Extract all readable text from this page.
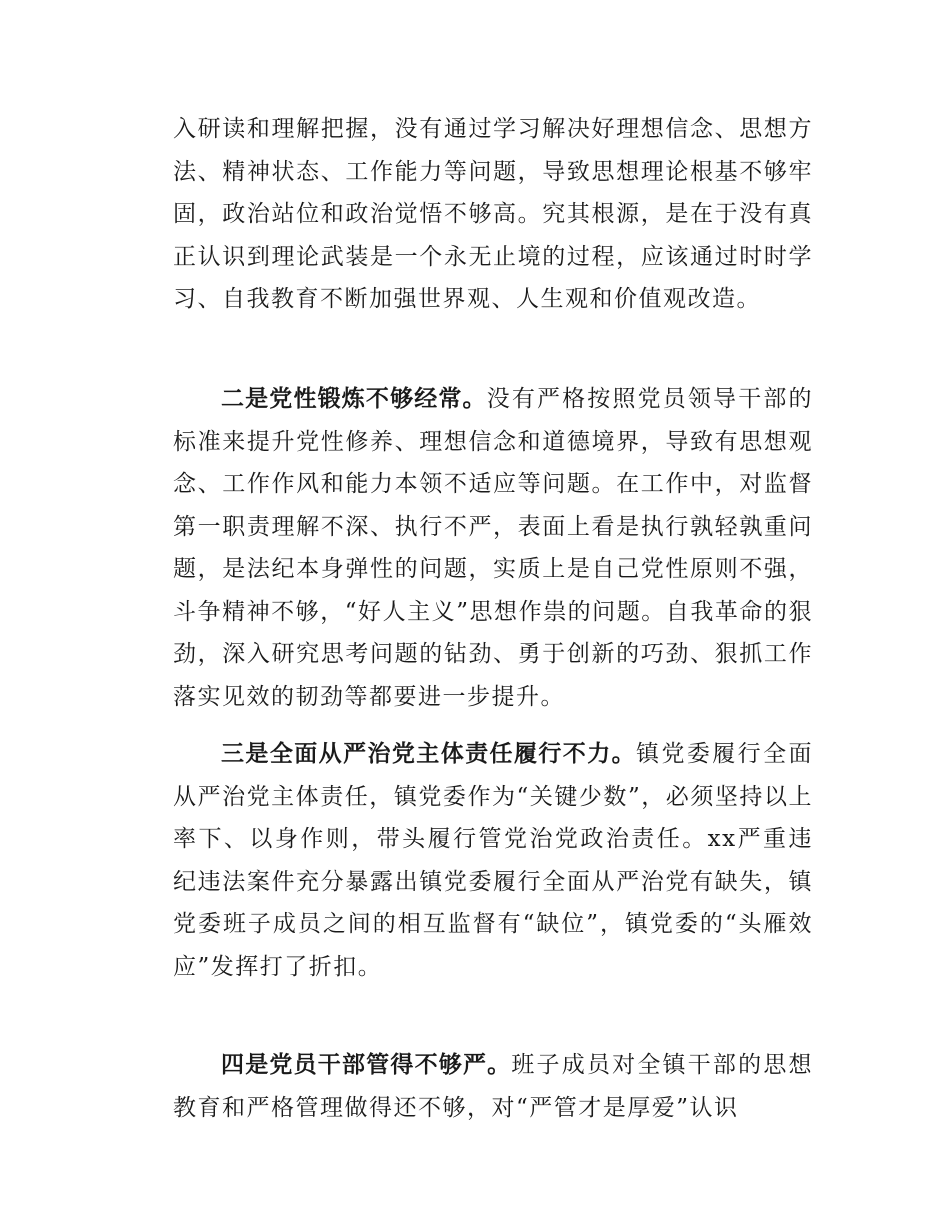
入研读和理解把握，没有通过学习解决好理想信念、思想方法、精神状态、工作能力等问题，导致思想理论根基不够牢固，政治站位和政治觉悟不够高。究其根源，是在于没有真正认识到理论武装是一个永无止境的过程，应该通过时时学习、自我教育不断加强世界观、人生观和价值观改造。

二是党性锻炼不够经常。没有严格按照党员领导干部的标准来提升党性修养、理想信念和道德境界，导致有思想观念、工作作风和能力本领不适应等问题。在工作中，对监督第一职责理解不深、执行不严，表面上看是执行孰轻孰重问题，是法纪本身弹性的问题，实质上是自己党性原则不强，斗争精神不够，“好人主义”思想作祟的问题。自我革命的狠劲，深入研究思考问题的钻劲、勇于创新的巧劲、狠抓工作落实见效的韧劲等都要进一步提升。

三是全面从严治党主体责任履行不力。镇党委履行全面从严治党主体责任，镇党委作为“关键少数”，必须坚持以上率下、以身作则，带头履行管党治党政治责任。xx严重违纪违法案件充分暴露出镇党委履行全面从严治党有缺失，镇党委班子成员之间的相互监督有“缺位”，镇党委的“头雁效应”发挥打了折扣。

四是党员干部管得不够严。班子成员对全镇干部的思想教育和严格管理做得还不够，对“严管才是厚爱”认识
